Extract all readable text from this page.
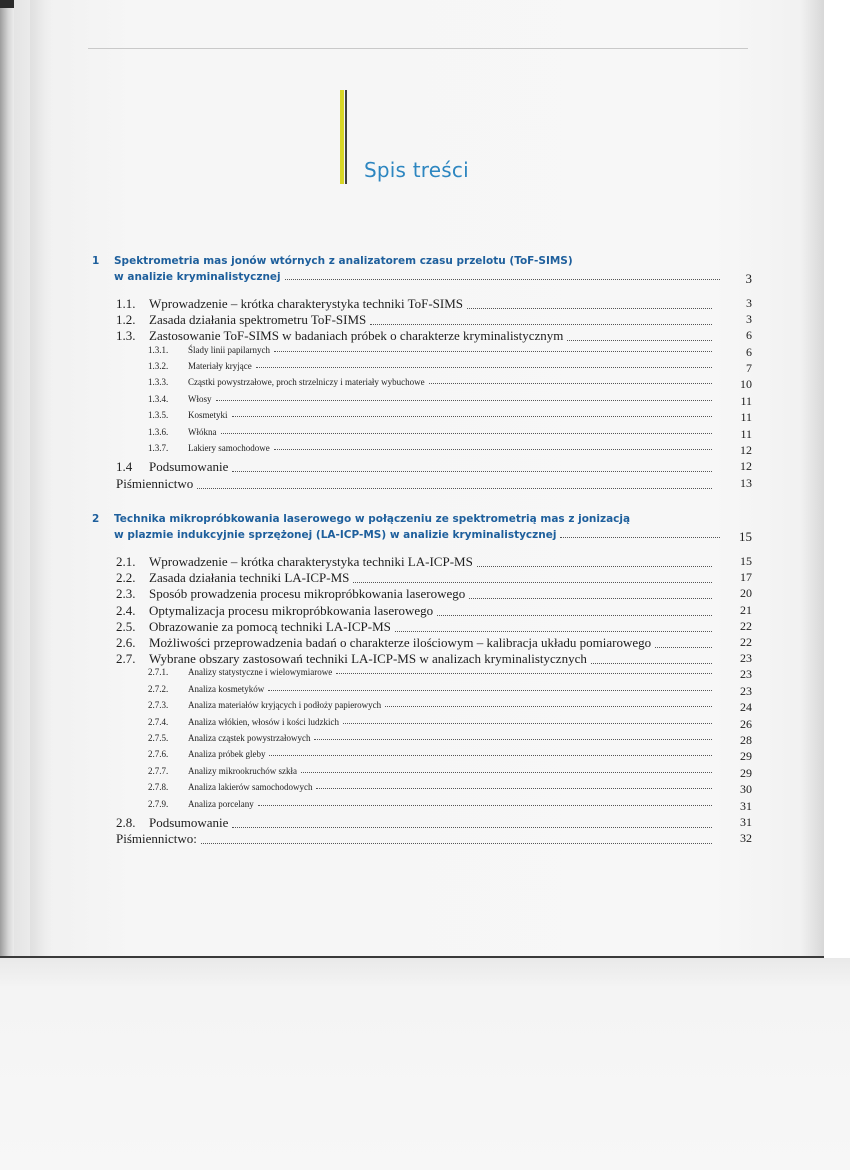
Spis treści
1	Spektrometria mas jonów wtórnych z analizatorem czasu przelotu (ToF-SIMS)
w analizie kryminalistycznej	3
1.1.	Wprowadzenie – krótka charakterystyka techniki ToF-SIMS	3
1.2.	Zasada działania spektrometru ToF-SIMS	3
1.3.	Zastosowanie ToF-SIMS w badaniach próbek o charakterze kryminalistycznym	6
1.3.1.	Ślady linii papilarnych	6
1.3.2.	Materiały kryjące	7
1.3.3.	Cząstki powystrzałowe, proch strzelniczy i materiały wybuchowe	10
1.3.4.	Włosy	11
1.3.5.	Kosmetyki	11
1.3.6.	Włókna	11
1.3.7.	Lakiery samochodowe	12
1.4	Podsumowanie	12
Piśmiennictwo	13
2	Technika mikropróbkowania laserowego w połączeniu ze spektrometrią mas z jonizacją
w plazmie indukcyjnie sprzężonej (LA-ICP-MS) w analizie kryminalistycznej	15
2.1.	Wprowadzenie – krótka charakterystyka techniki LA-ICP-MS	15
2.2.	Zasada działania techniki LA-ICP-MS	17
2.3.	Sposób prowadzenia procesu mikropróbkowania laserowego	20
2.4.	Optymalizacja procesu mikropróbkowania laserowego	21
2.5.	Obrazowanie za pomocą techniki LA-ICP-MS	22
2.6.	Możliwości przeprowadzenia badań o charakterze ilościowym – kalibracja układu pomiarowego	22
2.7.	Wybrane obszary zastosowań techniki LA-ICP-MS w analizach kryminalistycznych	23
2.7.1.	Analizy statystyczne i wielowymiarowe	23
2.7.2.	Analiza kosmetyków	23
2.7.3.	Analiza materiałów kryjących i podłoży papierowych	24
2.7.4.	Analiza włókien, włosów i kości ludzkich	26
2.7.5.	Analiza cząstek powystrzałowych	28
2.7.6.	Analiza próbek gleby	29
2.7.7.	Analizy mikrookruchów szkła	29
2.7.8.	Analiza lakierów samochodowych	30
2.7.9.	Analiza porcelany	31
2.8.	Podsumowanie	31
Piśmiennictwo:	32
